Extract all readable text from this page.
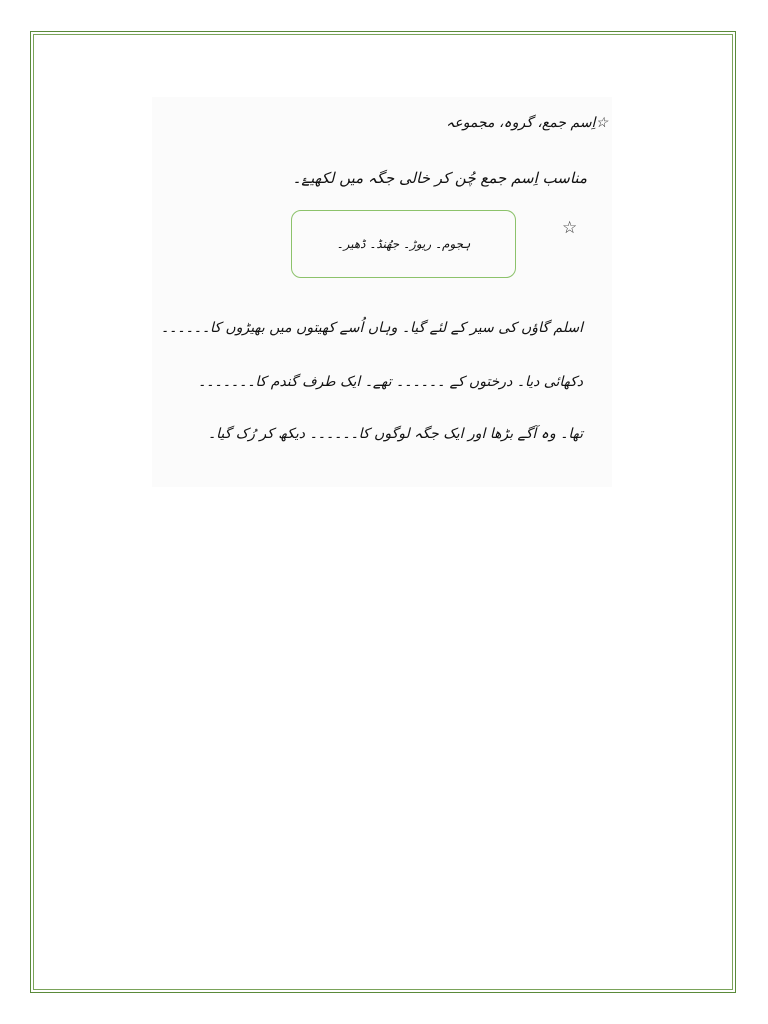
☆اِسم جمع، گروہ، مجموعہ
مناسب اِسم جمع چُن کر خالی جگہ میں لکھیۓ۔
☆
ہجوم۔ ریوڑ۔ جھُنڈ۔ ڈھیر۔
اسلم گاؤں کی سیر کے لئے گیا۔ وہاں اُسے کھیتوں میں بھیڑوں کا۔۔۔۔۔۔
دکھائی دیا۔ درختوں کے ۔۔۔۔۔۔ تھے۔ ایک طرف گندم کا۔۔۔۔۔۔۔
تھا۔ وہ آگے بڑھا اور ایک جگہ لوگوں کا۔۔۔۔۔۔ دیکھ کر رُک گیا۔
